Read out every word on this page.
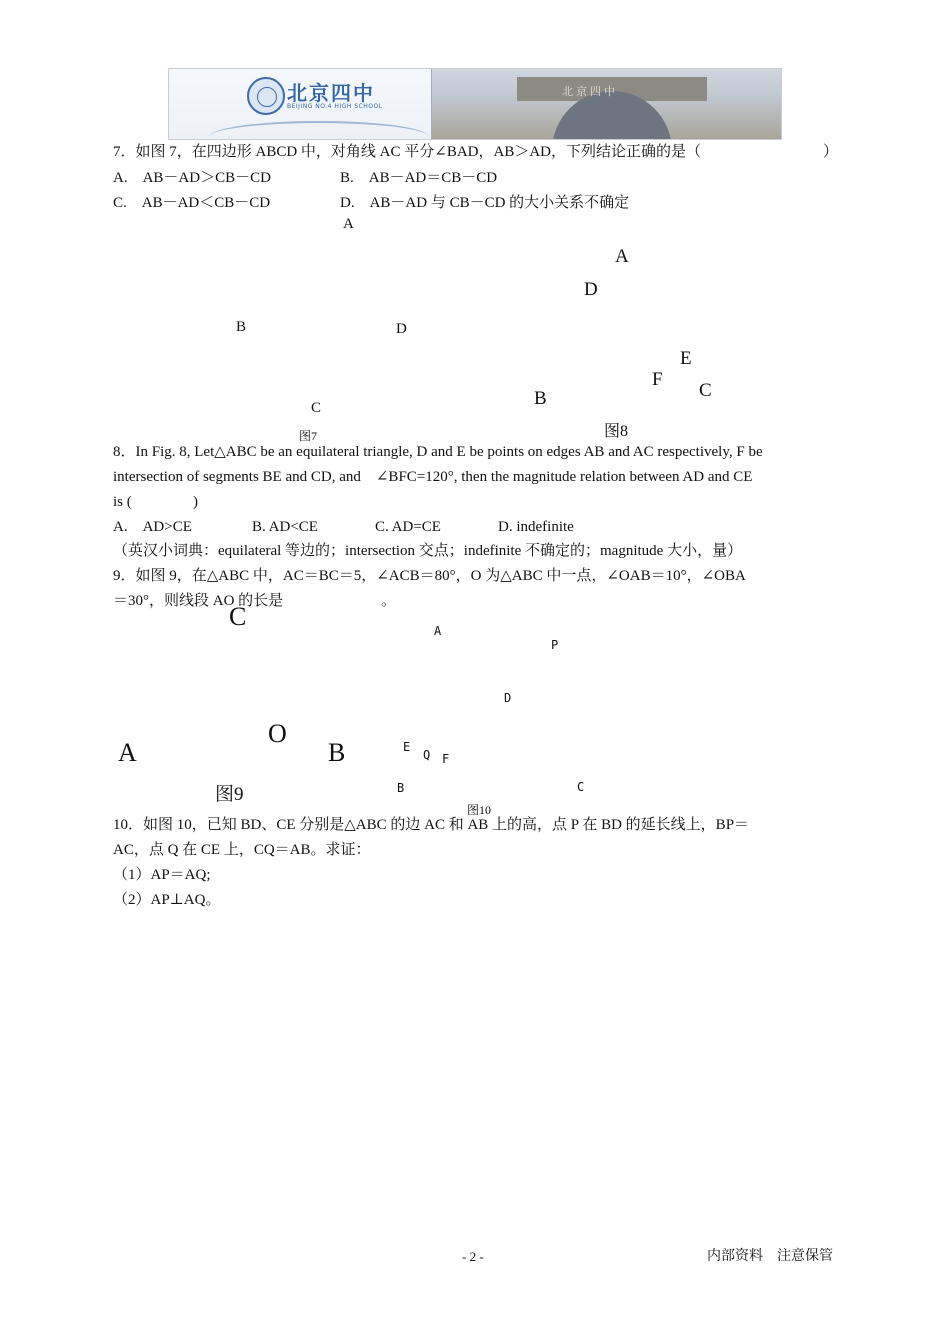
北京四中
BEIJING NO.4 HIGH SCHOOL
北京四中
7．如图 7，在四边形 ABCD 中，对角线 AC 平分∠BAD，AB＞AD，下列结论正确的是（	）
A.　AB－AD＞CB－CD	B.　AB－AD＝CB－CD
C.　AB－AD＜CB－CD	D.　AB－AD 与 CB－CD 的大小关系不确定
A
B	D
C
图7
A
D
E
F
C
B
图8
8．In Fig. 8, Let△ABC be an equilateral triangle, D and E be points on edges AB and AC respectively, F be
intersection of segments BE and CD, and　∠BFC=120°, then the magnitude relation between AD and CE
is (	)
A.　AD>CE	B. AD<CE	C. AD=CE	D. indefinite
（英汉小词典：equilateral 等边的；intersection 交点；indefinite 不确定的；magnitude 大小，量）
9．如图 9，在△ABC 中，AC＝BC＝5，∠ACB＝80°，O 为△ABC 中一点，∠OAB＝10°，∠OBA
＝30°，则线段 AO 的长是	。
C
O
A	B
图9
A
P
D
E
Q F
B	C
图10
10．如图 10，已知 BD、CE 分别是△ABC 的边 AC 和 AB 上的高，点 P 在 BD 的延长线上，BP＝
AC，点 Q 在 CE 上，CQ＝AB。求证：
（1）AP＝AQ;
（2）AP⊥AQ。
- 2 -	内部资料　注意保管
